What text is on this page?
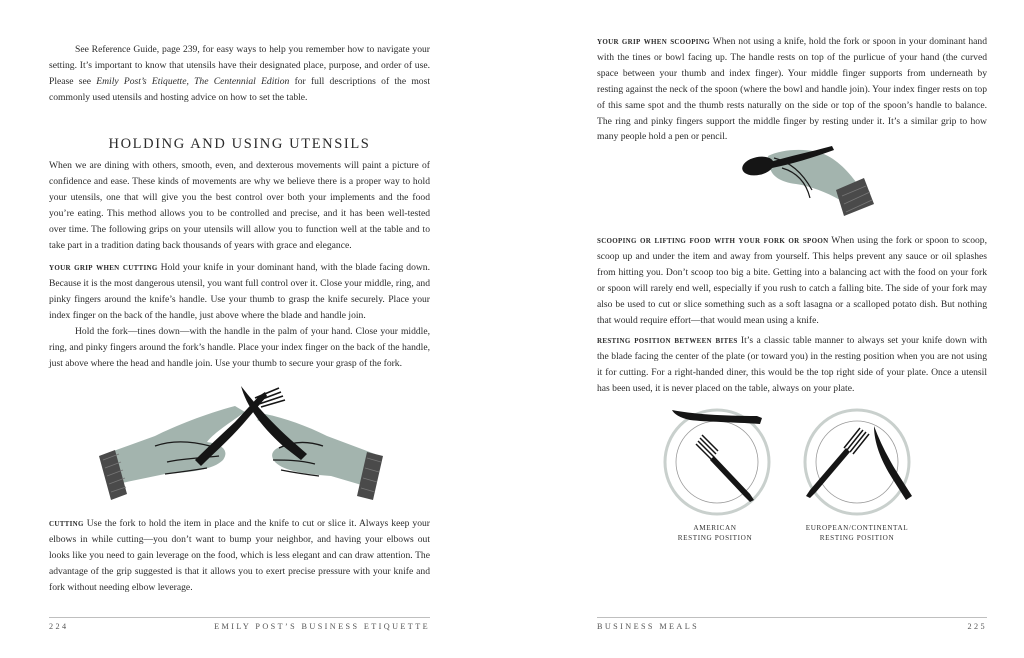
See Reference Guide, page 239, for easy ways to help you remember how to navigate your setting. It’s important to know that utensils have their designated place, purpose, and order of use. Please see Emily Post’s Etiquette, The Centennial Edition for full descriptions of the most commonly used utensils and hosting advice on how to set the table.

HOLDING AND USING UTENSILS

When we are dining with others, smooth, even, and dexterous movements will paint a picture of confidence and ease. These kinds of movements are why we believe there is a proper way to hold your utensils, one that will give you the best control over both your implements and the food you’re eating. This method allows you to be controlled and precise, and it has been well-tested over time. The following grips on your utensils will allow you to function well at the table and to take part in a tradition dating back thousands of years with grace and elegance.

your grip when cutting Hold your knife in your dominant hand, with the blade facing down. Because it is the most dangerous utensil, you want full control over it. Close your middle, ring, and pinky fingers around the knife’s handle. Use your thumb to grasp the knife securely. Place your index finger on the back of the handle, just above where the blade and handle join.

Hold the fork—tines down—with the handle in the palm of your hand. Close your middle, ring, and pinky fingers around the fork’s handle. Place your index finger on the back of the handle, just above where the head and handle join. Use your thumb to secure your grasp of the fork.

cutting Use the fork to hold the item in place and the knife to cut or slice it. Always keep your elbows in while cutting—you don’t want to bump your neighbor, and having your elbows out looks like you need to gain leverage on the food, which is less elegant and can draw attention. The advantage of the grip suggested is that it allows you to exert precise pressure with your knife and fork without needing elbow leverage.

224	EMILY POST’S BUSINESS ETIQUETTE

your grip when scooping When not using a knife, hold the fork or spoon in your dominant hand with the tines or bowl facing up. The handle rests on top of the purlicue of your hand (the curved space between your thumb and index finger). Your middle finger supports from underneath by resting against the neck of the spoon (where the bowl and handle join). Your index finger rests on top of this same spot and the thumb rests naturally on the side or top of the spoon’s handle to balance. The ring and pinky fingers support the middle finger by resting under it. It’s a similar grip to how many people hold a pen or pencil.

scooping or lifting food with your fork or spoon When using the fork or spoon to scoop, scoop up and under the item and away from yourself. This helps prevent any sauce or oil splashes from hitting you. Don’t scoop too big a bite. Getting into a balancing act with the food on your fork or spoon will rarely end well, especially if you rush to catch a falling bite. The side of your fork may also be used to cut or slice something such as a soft lasagna or a scalloped potato dish. But nothing that would require effort—that would mean using a knife.

resting position between bites It’s a classic table manner to always set your knife down with the blade facing the center of the plate (or toward you) in the resting position when you are not using it for cutting. For a right-handed diner, this would be the top right side of your plate. Once a utensil has been used, it is never placed on the table, always on your plate.

AMERICAN
RESTING POSITION
EUROPEAN/CONTINENTAL
RESTING POSITION
BUSINESS MEALS	225
